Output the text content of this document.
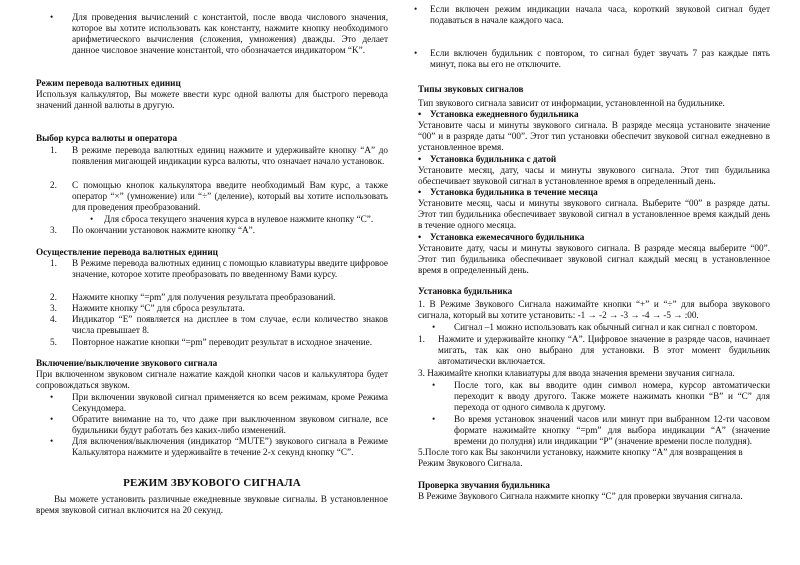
•	Для проведения вычислений с константой, после ввода числового значения, которое вы хотите использовать как константу, нажмите кнопку необходимого арифметического вычисления (сложения, умножения) дважды. Это делает данное числовое значение константой, что обозначается индикатором “K”.
Режим перевода валютных единиц
Используя калькулятор, Вы можете ввести курс одной валюты для быстрого перевода значений данной валюты в другую.
Выбор курса валюты и оператора
1.	В режиме перевода валютных единиц нажмите и удерживайте кнопку “A” до появления мигающей индикации курса валюты, что означает начало установок.
2.	С помощью кнопок калькулятора введите необходимый Вам курс, а также оператор “×” (умножение) или “÷” (деление), который вы хотите использовать для проведения преобразований.
•	Для сброса текущего значения курса в нулевое нажмите кнопку “C”.
3.	По окончании установок нажмите кнопку “A”.
Осуществление перевода валютных единиц
1.	В Режиме перевода валютных единиц с помощью клавиатуры введите цифровое значение, которое хотите преобразовать по введенному Вами курсу.
2.	Нажмите кнопку “=pm” для получения результата преобразований.
3.	Нажмите кнопку “C” для сброса результата.
4.	Индикатор “E” появляется на дисплее в том случае, если количество знаков числа превышает 8.
5.	Повторное нажатие кнопки “=pm” переводит результат в исходное значение.
Включение/выключение звукового сигнала
При включенном звуковом сигнале нажатие каждой кнопки часов и калькулятора будет сопровождаться звуком.
•	При включении звуковой сигнал применяется ко всем режимам, кроме Режима Секундомера.
•	Обратите внимание на то, что даже при выключенном звуковом сигнале, все будильники будут работать без каких-либо изменений.
•	Для включения/выключения (индикатор “MUTE”) звукового сигнала в Режиме Калькулятора нажмите и удерживайте в течение 2-х секунд кнопку “C”.
РЕЖИМ ЗВУКОВОГО СИГНАЛА
Вы можете установить различные ежедневные звуковые сигналы. В установленное время звуковой сигнал включится на 20 секунд.
•	Если включен режим индикации начала часа, короткий звуковой сигнал будет подаваться в начале каждого часа.
•	Если включен будильник с повтором, то сигнал будет звучать 7 раз каждые пять минут, пока вы его не отключите.
Типы звуковых сигналов
Тип звукового сигнала зависит от информации, установленной на будильнике.
• Установка ежедневного будильника
Установите часы и минуты звукового сигнала. В разряде месяца установите значение “00” и в разряде даты “00”. Этот тип установки обеспечит звуковой сигнал ежедневно в установленное время.
• Установка будильника с датой
Установите месяц, дату, часы и минуты звукового сигнала. Этот тип будильника обеспечивает звуковой сигнал в установленное время в определенный день.
• Установка будильника в течение месяца
Установите месяц, часы и минуты звукового сигнала. Выберите “00” в разряде даты. Этот тип будильника обеспечивает звуковой сигнал в установленное время каждый день в течение одного месяца.
• Установка ежемесячного будильника
Установите дату, часы и минуты звукового сигнала. В разряде месяца выберите “00”. Этот тип будильника обеспечивает звуковой сигнал каждый месяц в установленное время в определенный день.
Установка будильника
1. В Режиме Звукового Сигнала нажимайте кнопки “+” и “÷” для выбора звукового сигнала, который вы хотите установить: -1 → -2 → -3 → -4 → -5 → :00.
•	Сигнал –1 можно использовать как обычный сигнал и как сигнал с повтором.
1.	Нажмите и удерживайте кнопку “A”. Цифровое значение в разряде часов, начинает мигать, так как оно выбрано для установки. В этот момент будильник автоматически включается.
3. Нажимайте кнопки клавиатуры для ввода значения времени звучания сигнала.
•	После того, как вы вводите один символ номера, курсор автоматически переходит к вводу другого. Также можете нажимать кнопки “B” и “C” для перехода от одного символа к другому.
•	Во время установок значений часов или минут при выбранном 12-ти часовом формате нажимайте кнопку “=pm” для выбора индикации “A” (значение времени до полудня) или индикации “P” (значение времени после полудня).
5.После того как Вы закончили установку, нажмите кнопку “A” для возвращения в Режим Звукового Сигнала.
Проверка звучания будильника
В Режиме Звукового Сигнала нажмите кнопку “C” для проверки звучания сигнала.
